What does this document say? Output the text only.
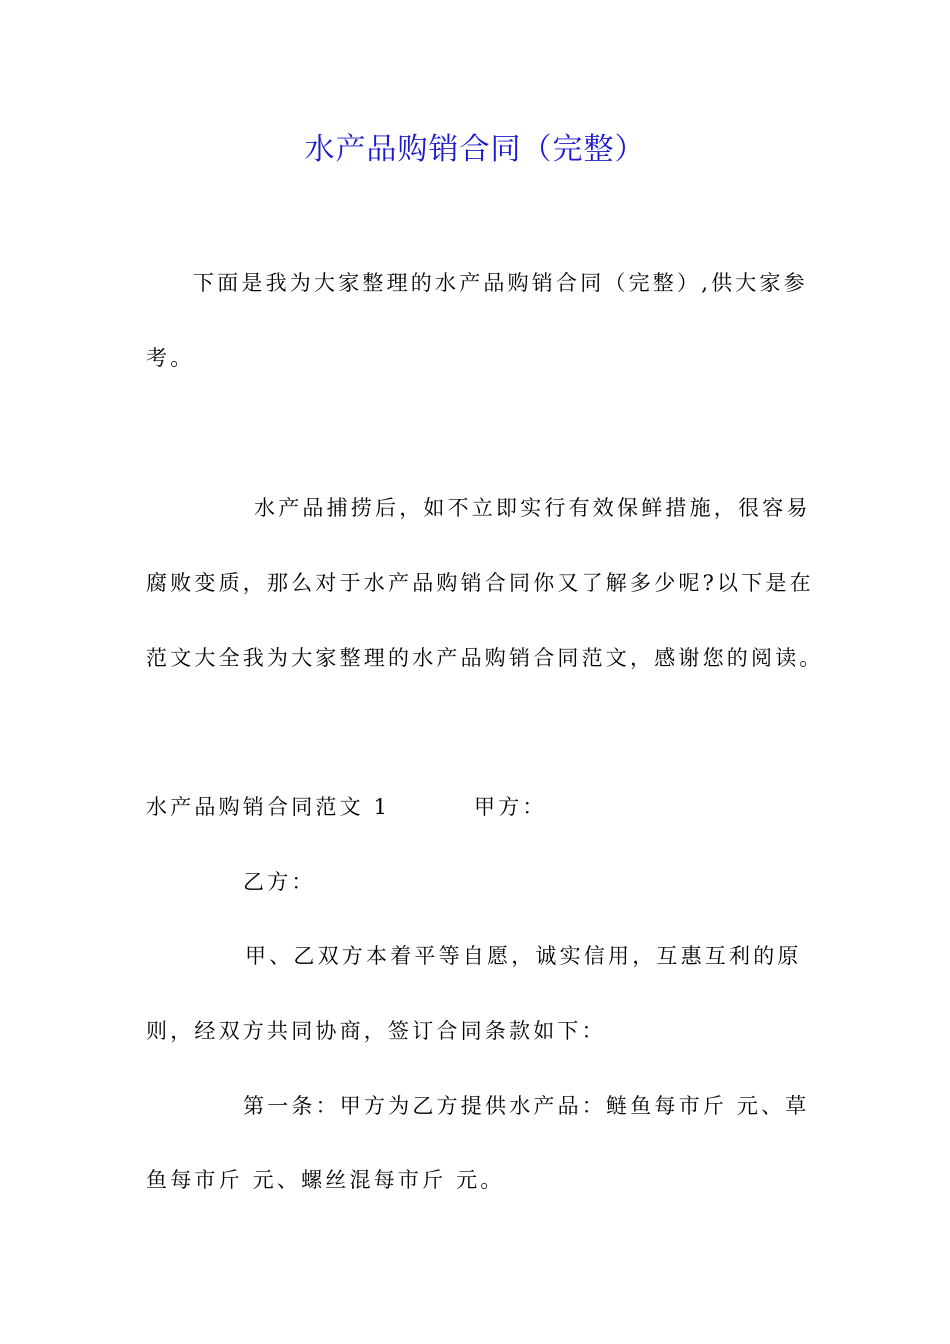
水产品购销合同（完整）
下面是我为大家整理的水产品购销合同（完整）,供大家参
考。
水产品捕捞后，如不立即实行有效保鲜措施，很容易
腐败变质，那么对于水产品购销合同你又了解多少呢?以下是在
范文大全我为大家整理的水产品购销合同范文，感谢您的阅读。
水产品购销合同范文 1	甲方：
乙方：
甲、乙双方本着平等自愿，诚实信用，互惠互利的原
则，经双方共同协商，签订合同条款如下：
第一条：甲方为乙方提供水产品：鲢鱼每市斤 元、草
鱼每市斤 元、螺丝混每市斤 元。
